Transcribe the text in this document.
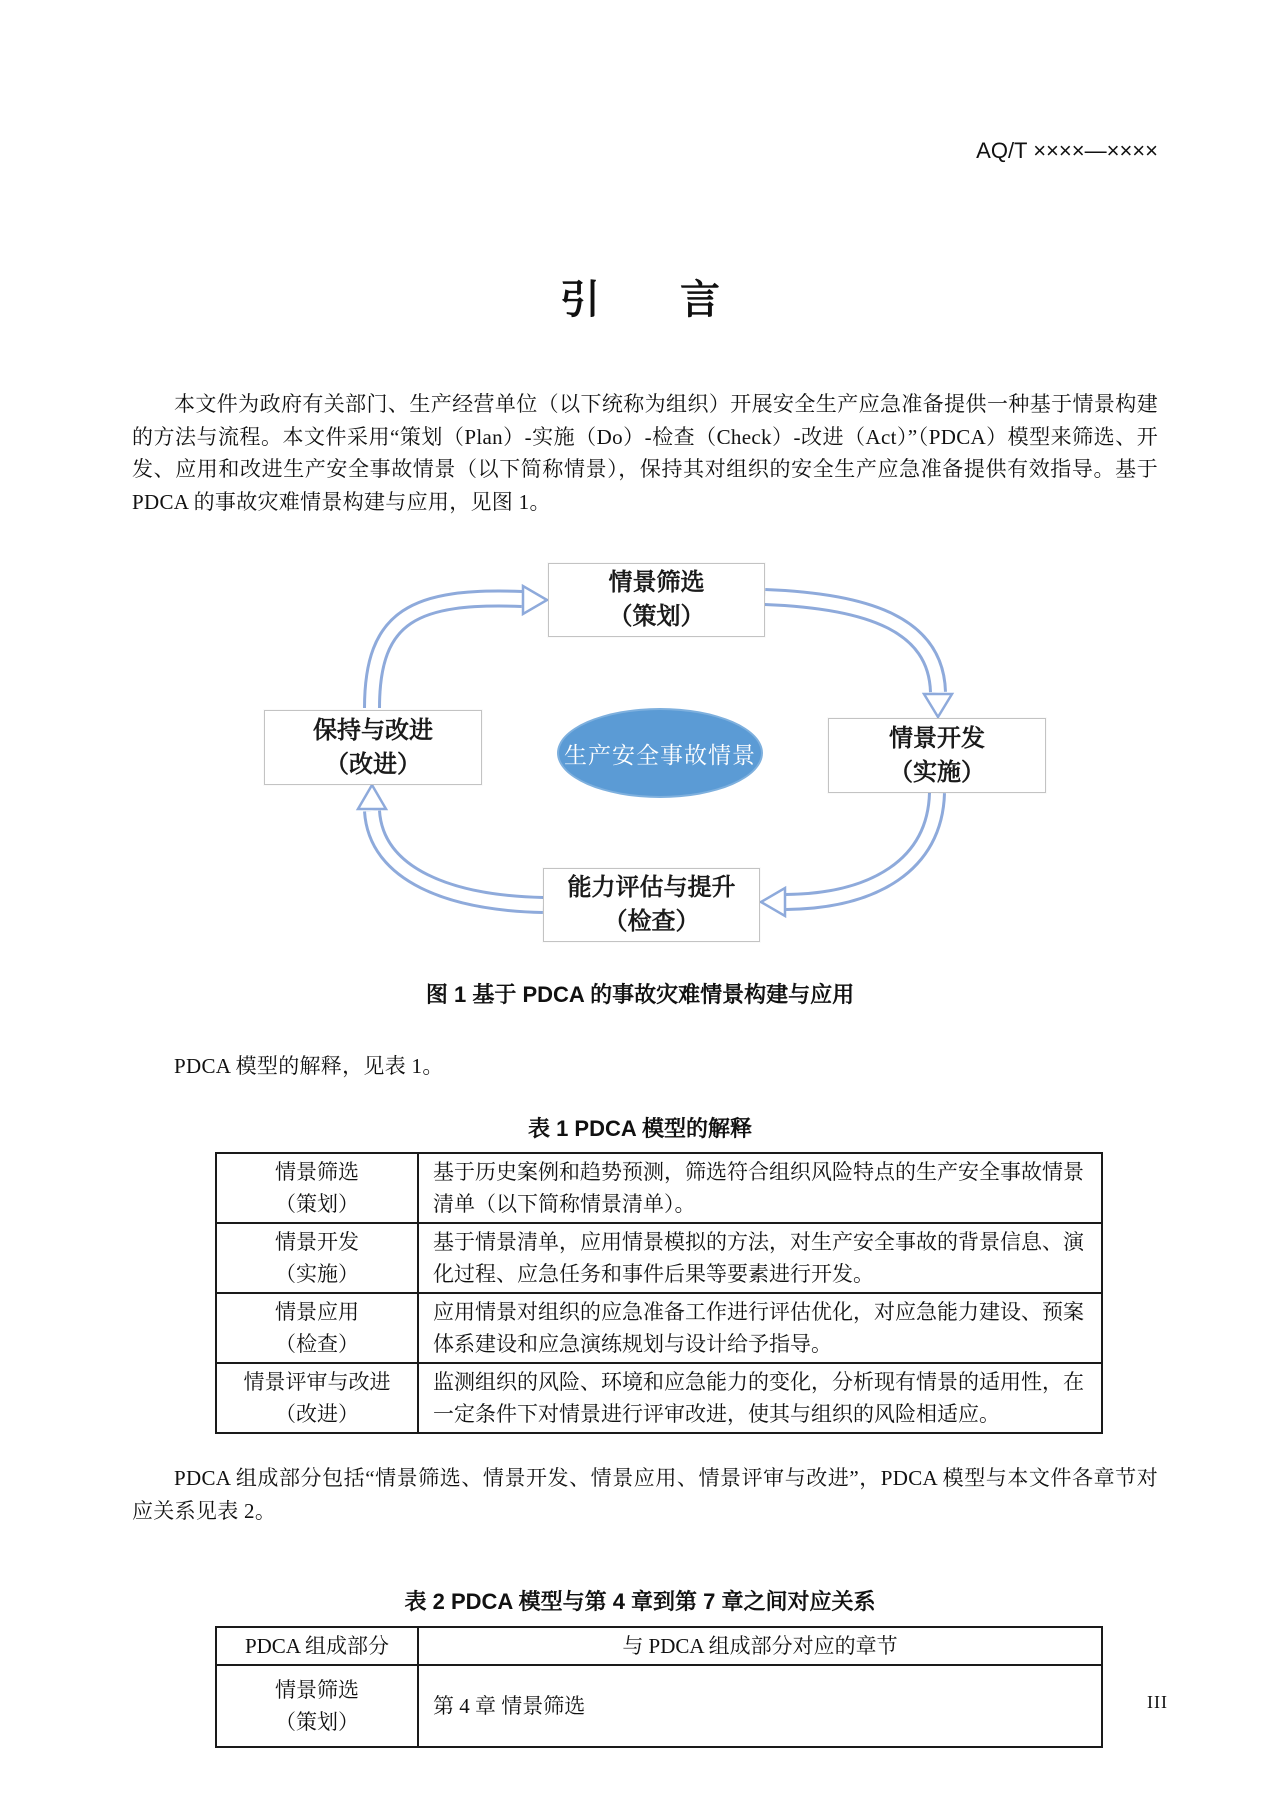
AQ/T ××××—××××
引　　言
本文件为政府有关部门、生产经营单位（以下统称为组织）开展安全生产应急准备提供一种基于情景构建的方法与流程。本文件采用“策划（Plan）-实施（Do）-检查（Check）-改进（Act）”（PDCA）模型来筛选、开发、应用和改进生产安全事故情景（以下简称情景），保持其对组织的安全生产应急准备提供有效指导。基于 PDCA 的事故灾难情景构建与应用，见图 1。
情景筛选
（策划）
情景开发
（实施）
能力评估与提升
（检查）
保持与改进
（改进）	生产安全事故情景
图 1 基于 PDCA 的事故灾难情景构建与应用
PDCA 模型的解释，见表 1。
表 1 PDCA 模型的解释
情景筛选
（策划）	基于历史案例和趋势预测，筛选符合组织风险特点的生产安全事故情景清单（以下简称情景清单）。

情景开发
（实施）	基于情景清单，应用情景模拟的方法，对生产安全事故的背景信息、演化过程、应急任务和事件后果等要素进行开发。

情景应用
（检查）	应用情景对组织的应急准备工作进行评估优化，对应急能力建设、预案体系建设和应急演练规划与设计给予指导。

情景评审与改进
（改进）	监测组织的风险、环境和应急能力的变化，分析现有情景的适用性，在一定条件下对情景进行评审改进，使其与组织的风险相适应。
PDCA 组成部分包括“情景筛选、情景开发、情景应用、情景评审与改进”，PDCA 模型与本文件各章节对应关系见表 2。
表 2 PDCA 模型与第 4 章到第 7 章之间对应关系
PDCA 组成部分	与 PDCA 组成部分对应的章节

情景筛选
（策划）	第 4 章 情景筛选	III
